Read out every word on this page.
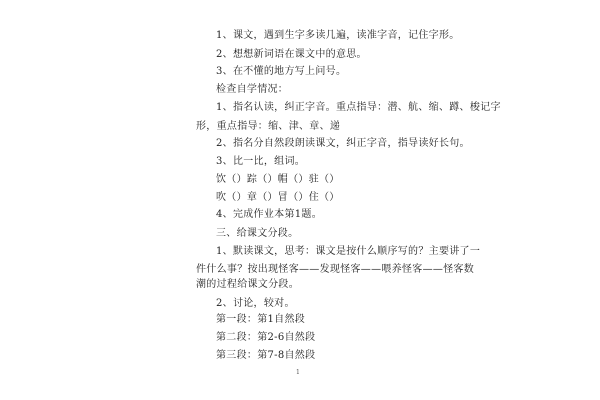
1、课文，遇到生字多读几遍，读准字音，记住字形。
2、想想新词语在课文中的意思。
3、在不懂的地方写上问号。
检查自学情况：
1、指名认读，纠正字音。重点指导：潜、航、缩、蹲、梭记字
形，重点指导：缩、津、章、递
2、指名分自然段朗读课文，纠正字音，指导读好长句。
3、比一比，组词。
饮（）踪（）帽（）驻（）
吹（）章（）冒（）住（）
4、完成作业本第1题。
三、给课文分段。
1、默读课文，思考：课文是按什么顺序写的？主要讲了一
件什么事？按出现怪客——发现怪客——喂养怪客——怪客数
潮的过程给课文分段。
2、讨论，较对。
第一段：第1自然段
第二段：第2-6自然段
第三段：第7-8自然段
1
